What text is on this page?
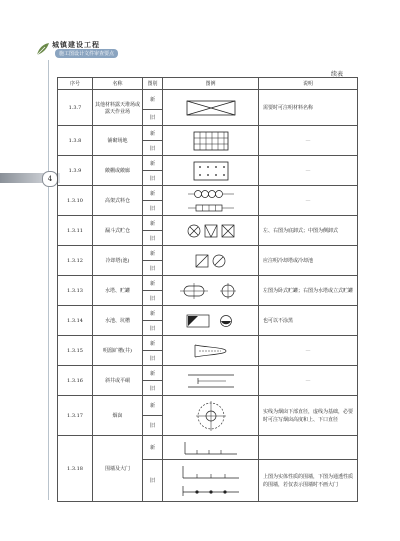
城镇建设工程
施工图设计文件审查要点
4
续表
序号	名称	图别	图例	说明
1.3.7	其他材料露天堆场或露天作业场	新		需要时可注明材料名称
		旧		
1.3.8	铺砌场地	新		—
		旧		
1.3.9	敞棚或敞廊	新		—
		旧		
1.3.10	高架式料仓	新		—
		旧		
1.3.11	漏斗式贮仓	新		左、右图为底卸式；中图为侧卸式
		旧		
1.3.12	冷却塔(池)	新		应注明冷却塔或冷却池
		旧		
1.3.13	水塔、贮罐	新		左图为卧式贮罐；右图为水塔或立式贮罐
		旧		
1.3.14	水池、坑槽	新		也可以不涂黑
		旧		
1.3.15	明溜矿槽(井)	新		—
		旧		
1.3.16	斜井或平硐	新		—
		旧		
1.3.17	烟囱	新		实线为烟囱下部直径，虚线为基础，必要时可注写烟囱高度和上、下口直径
		旧		
1.3.18	围墙及大门	新	

		旧		上图为实体性质的围墙，下图为通透性质的围墙，若仅表示围墙时不画大门
